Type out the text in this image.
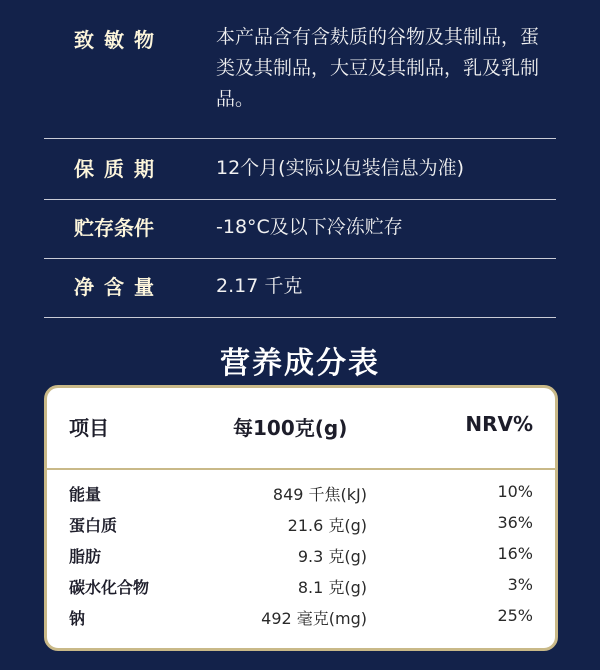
致敏物	本产品含有含麸质的谷物及其制品，蛋类及其制品，大豆及其制品，乳及乳制品。
保质期	12个月(实际以包装信息为准)
贮存条件	-18°C及以下冷冻贮存
净含量	2.17 千克
营养成分表
项目	每100克(g)	NRV%
能量	849 千焦(kJ)	10%
蛋白质	21.6 克(g)	36%
脂肪	9.3 克(g)	16%
碳水化合物	8.1 克(g)	3%
钠	492 毫克(mg)	25%
